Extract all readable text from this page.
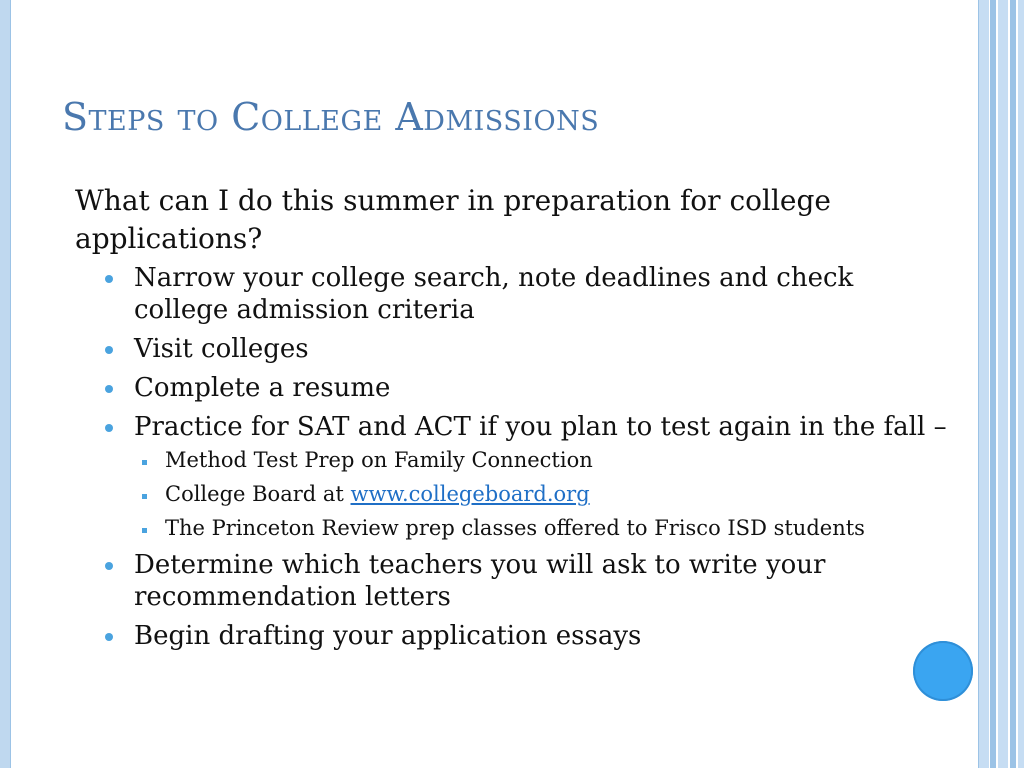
Steps to College Admissions
What can I do this summer in preparation for college applications?
Narrow your college search, note deadlines and check college admission criteria
Visit colleges
Complete a resume
Practice for SAT and ACT if you plan to test again in the fall –
Method Test Prep on Family Connection
College Board at www.collegeboard.org
The Princeton Review prep classes offered to Frisco ISD students
Determine which teachers you will ask to write your recommendation letters
Begin drafting your application essays
